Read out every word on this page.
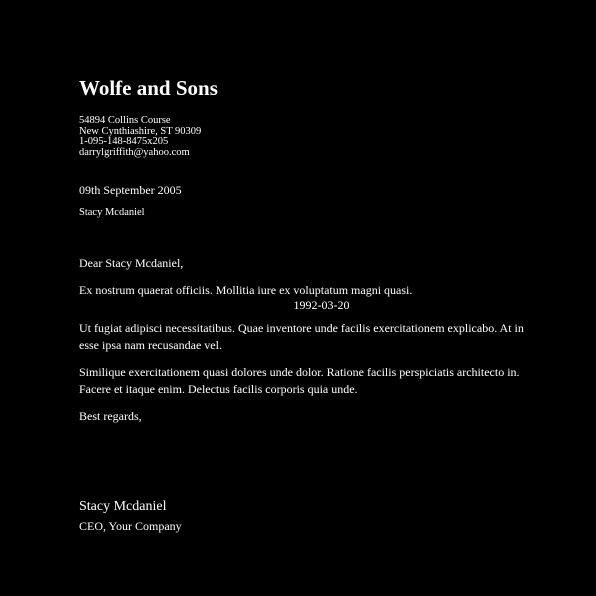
Wolfe and Sons
54894 Collins Course
New Cynthiashire, ST 90309
1-095-148-8475x205
darrylgriffith@yahoo.com
09th September 2005
Stacy Mcdaniel
Dear Stacy Mcdaniel,
Ex nostrum quaerat officiis. Mollitia iure ex voluptatum magni quasi.
1992-03-20
Ut fugiat adipisci necessitatibus. Quae inventore unde facilis exercitationem explicabo. At in esse ipsa nam recusandae vel.
Similique exercitationem quasi dolores unde dolor. Ratione facilis perspiciatis architecto in. Facere et itaque enim. Delectus facilis corporis quia unde.
Best regards,
Stacy Mcdaniel
CEO, Your Company
